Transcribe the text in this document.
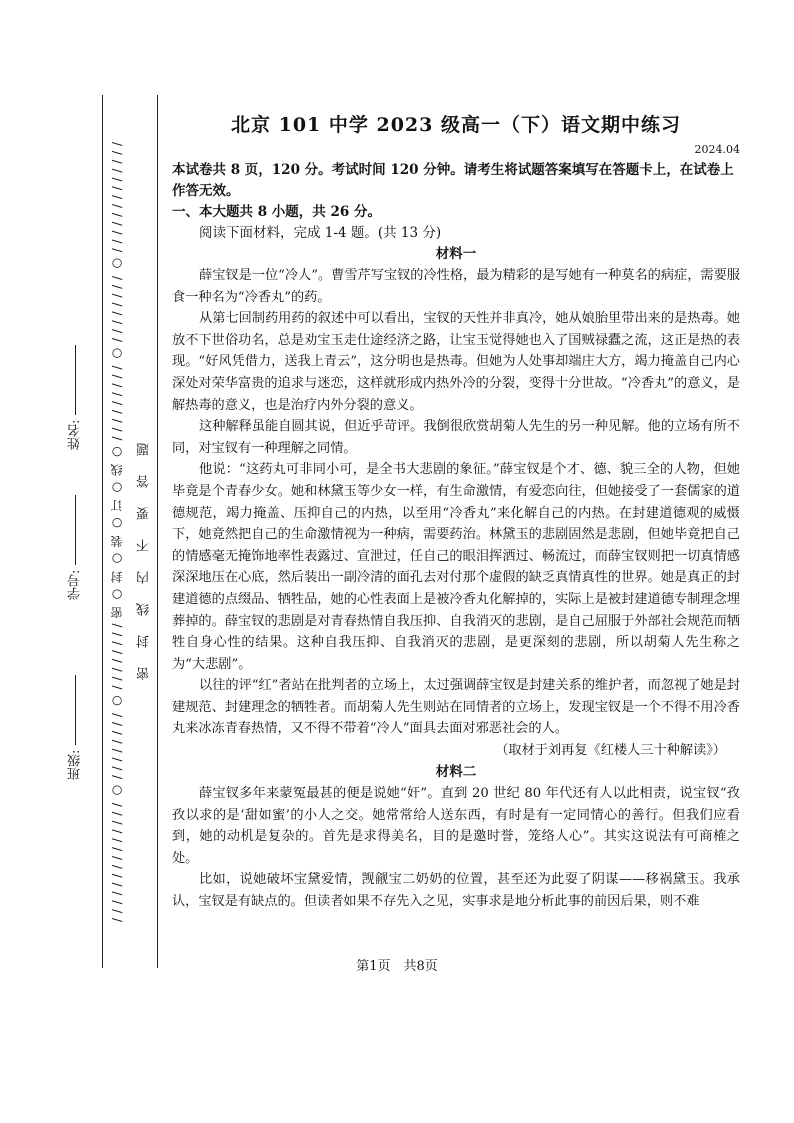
/ / / / / / / / / / / / / / ○ / / / / / / / / ○ / / / / / / / / 密 ○ 封 ○ 装 ○ 订 ○ 线 ○ / / / / / / / / / ○ / / / / / / / / ○ / / / / / / / / / / / / /	密封线内不要答题
班级:
学号:
姓名:
北京 101 中学 2023 级高一（下）语文期中练习

2024.04

本试卷共 8 页，120 分。考试时间 120 分钟。请考生将试题答案填写在答题卡上，在试卷上作答无效。

一、本大题共 8 小题，共 26 分。

阅读下面材料，完成 1-4 题。(共 13 分)

材料一

薛宝钗是一位“冷人”。曹雪芹写宝钗的冷性格，最为精彩的是写她有一种莫名的病症，需要服食一种名为“冷香丸”的药。

从第七回制药用药的叙述中可以看出，宝钗的天性并非真冷，她从娘胎里带出来的是热毒。她放不下世俗功名，总是劝宝玉走仕途经济之路，让宝玉觉得她也入了国贼禄蠹之流，这正是热的表现。“好风凭借力，送我上青云”，这分明也是热毒。但她为人处事却端庄大方，竭力掩盖自己内心深处对荣华富贵的追求与迷恋，这样就形成内热外冷的分裂，变得十分世故。“冷香丸”的意义，是解热毒的意义，也是治疗内外分裂的意义。

这种解释虽能自圆其说，但近乎苛评。我倒很欣赏胡菊人先生的另一种见解。他的立场有所不同，对宝钗有一种理解之同情。

他说：“这药丸可非同小可，是全书大悲剧的象征。”薛宝钗是个才、德、貌三全的人物，但她毕竟是个青春少女。她和林黛玉等少女一样，有生命激情，有爱恋向往，但她接受了一套儒家的道德规范，竭力掩盖、压抑自己的内热，以至用“冷香丸”来化解自己的内热。在封建道德观的威慑下，她竟然把自己的生命激情视为一种病，需要药治。林黛玉的悲剧固然是悲剧，但她毕竟把自己的情感毫无掩饰地率性表露过、宣泄过，任自己的眼泪挥洒过、畅流过，而薛宝钗则把一切真情感深深地压在心底，然后装出一副冷清的面孔去对付那个虚假的缺乏真情真性的世界。她是真正的封建道德的点缀品、牺牲品，她的心性表面上是被冷香丸化解掉的，实际上是被封建道德专制理念埋葬掉的。薛宝钗的悲剧是对青春热情自我压抑、自我消灭的悲剧，是自己屈服于外部社会规范而牺牲自身心性的结果。这种自我压抑、自我消灭的悲剧，是更深刻的悲剧，所以胡菊人先生称之为“大悲剧”。

以往的评“红”者站在批判者的立场上，太过强调薛宝钗是封建关系的维护者，而忽视了她是封建规范、封建理念的牺牲者。而胡菊人先生则站在同情者的立场上，发现宝钗是一个不得不用冷香丸来冰冻青春热情，又不得不带着“冷人”面具去面对邪恶社会的人。

（取材于刘再复《红楼人三十种解读》）

材料二

薛宝钗多年来蒙冤最甚的便是说她“奸”。直到 20 世纪 80 年代还有人以此相责，说宝钗“孜孜以求的是‘甜如蜜’的小人之交。她常常给人送东西，有时是有一定同情心的善行。但我们应看到，她的动机是复杂的。首先是求得美名，目的是邀时誉，笼络人心”。其实这说法有可商榷之处。

比如，说她破坏宝黛爱情，觊觎宝二奶奶的位置，甚至还为此耍了阴谋——移祸黛玉。我承认，宝钗是有缺点的。但读者如果不存先入之见，实事求是地分析此事的前因后果，则不难

第1页　共8页
